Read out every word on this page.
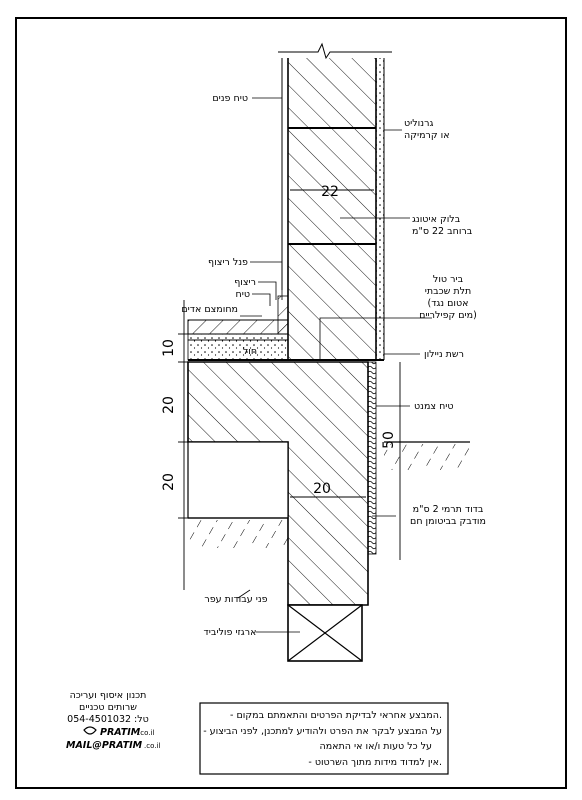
22
10
20
20	20
50
טיח פנים
גרנוליט
או קרמיקה
בלוק איטונג
ברוחב 22 ס"מ
פנל ריצוף
ריצוף
טיח
מחומצם אדים
ביר טול
תלת שכבתי
(אטום נגד
מים קפילריים)
חול	רשת ניילון
טיח צמנט
בדוד תרמי 2 ס"מ
מודבק בביטומן חם
פני עבודות עפר
ארגזי פוליביד
תכנון איסוף ועריכה
שרותים טכניים
054-4501032 :טל
PRATIM
.co.il
MAIL@PRATIM .co.il
- המבצע אחראי לבדיקת הפרטים והתאמתם במקום.
- על המבצע לבקר את הפרט ולהודיע למתכנן, לפני הביצוע
על כל טעות ו/או אי התאמה
- אין למדוד מידות מתוך השרטוט.
